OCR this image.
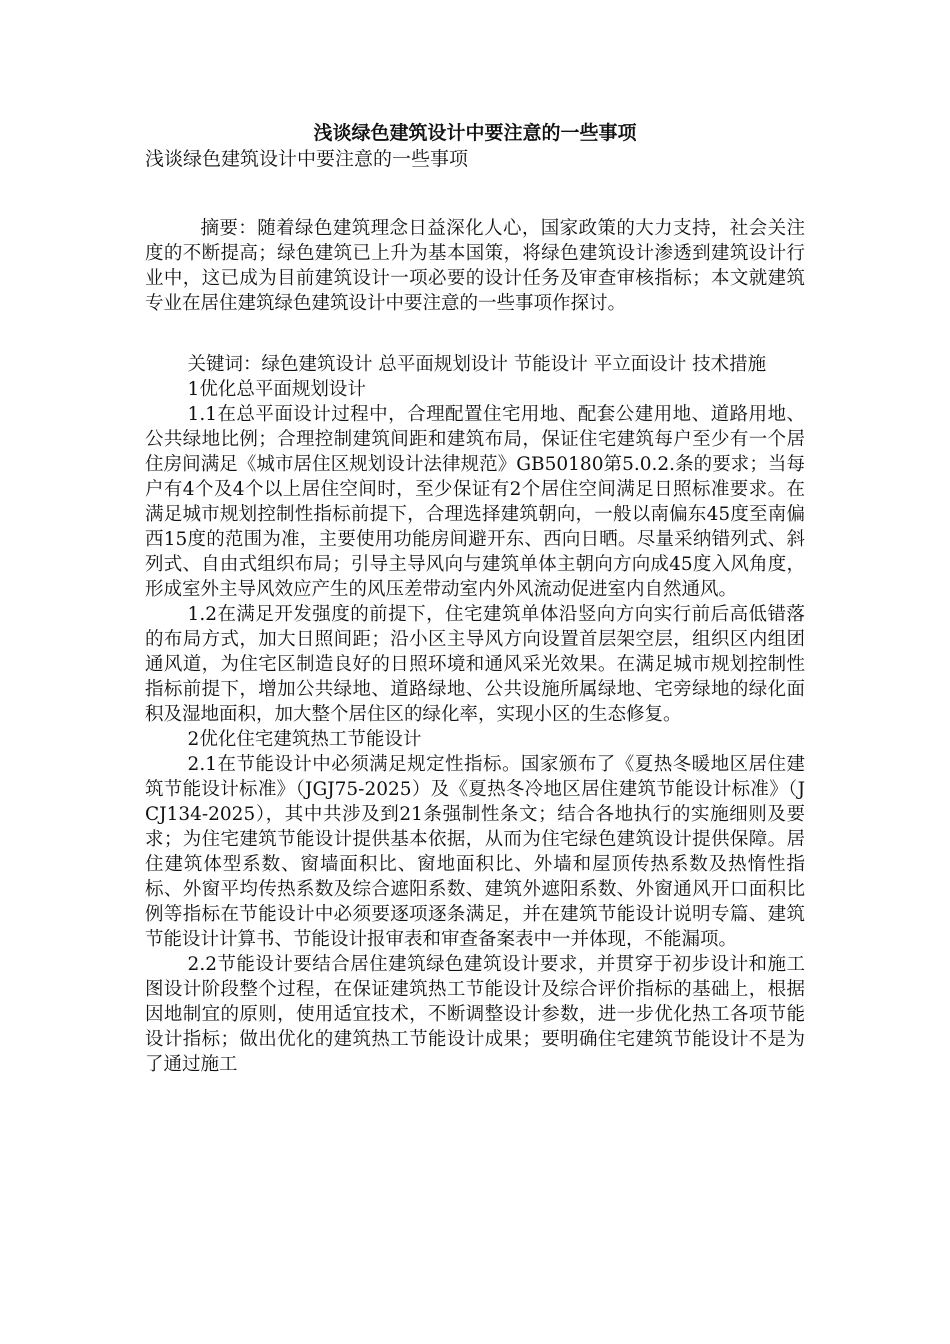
浅谈绿色建筑设计中要注意的一些事项

浅谈绿色建筑设计中要注意的一些事项

摘要：随着绿色建筑理念日益深化人心，国家政策的大力支持，社会关注度的不断提高；绿色建筑已上升为基本国策，将绿色建筑设计渗透到建筑设计行业中，这已成为目前建筑设计一项必要的设计任务及审查审核指标；本文就建筑专业在居住建筑绿色建筑设计中要注意的一些事项作探讨。

关键词：绿色建筑设计 总平面规划设计 节能设计 平立面设计 技术措施

1优化总平面规划设计

1.1在总平面设计过程中，合理配置住宅用地、配套公建用地、道路用地、公共绿地比例；合理控制建筑间距和建筑布局，保证住宅建筑每户至少有一个居住房间满足《城市居住区规划设计法律规范》GB50180第5.0.2.条的要求；当每户有4个及4个以上居住空间时，至少保证有2个居住空间满足日照标准要求。在满足城市规划控制性指标前提下，合理选择建筑朝向，一般以南偏东45度至南偏西15度的范围为准，主要使用功能房间避开东、西向日晒。尽量采纳错列式、斜列式、自由式组织布局；引导主导风向与建筑单体主朝向方向成45度入风角度，形成室外主导风效应产生的风压差带动室内外风流动促进室内自然通风。

1.2在满足开发强度的前提下，住宅建筑单体沿竖向方向实行前后高低错落的布局方式，加大日照间距；沿小区主导风方向设置首层架空层，组织区内组团通风道，为住宅区制造良好的日照环境和通风采光效果。在满足城市规划控制性指标前提下，增加公共绿地、道路绿地、公共设施所属绿地、宅旁绿地的绿化面积及湿地面积，加大整个居住区的绿化率，实现小区的生态修复。

2优化住宅建筑热工节能设计

2.1在节能设计中必须满足规定性指标。国家颁布了《夏热冬暖地区居住建筑节能设计标准》（JGJ75-2025）及《夏热冬冷地区居住建筑节能设计标准》（JCJ134-2025），其中共涉及到21条强制性条文；结合各地执行的实施细则及要求；为住宅建筑节能设计提供基本依据，从而为住宅绿色建筑设计提供保障。居住建筑体型系数、窗墙面积比、窗地面积比、外墙和屋顶传热系数及热惰性指标、外窗平均传热系数及综合遮阳系数、建筑外遮阳系数、外窗通风开口面积比例等指标在节能设计中必须要逐项逐条满足，并在建筑节能设计说明专篇、建筑节能设计计算书、节能设计报审表和审查备案表中一并体现，不能漏项。

2.2节能设计要结合居住建筑绿色建筑设计要求，并贯穿于初步设计和施工图设计阶段整个过程，在保证建筑热工节能设计及综合评价指标的基础上，根据因地制宜的原则，使用适宜技术，不断调整设计参数，进一步优化热工各项节能设计指标；做出优化的建筑热工节能设计成果；要明确住宅建筑节能设计不是为了通过施工
